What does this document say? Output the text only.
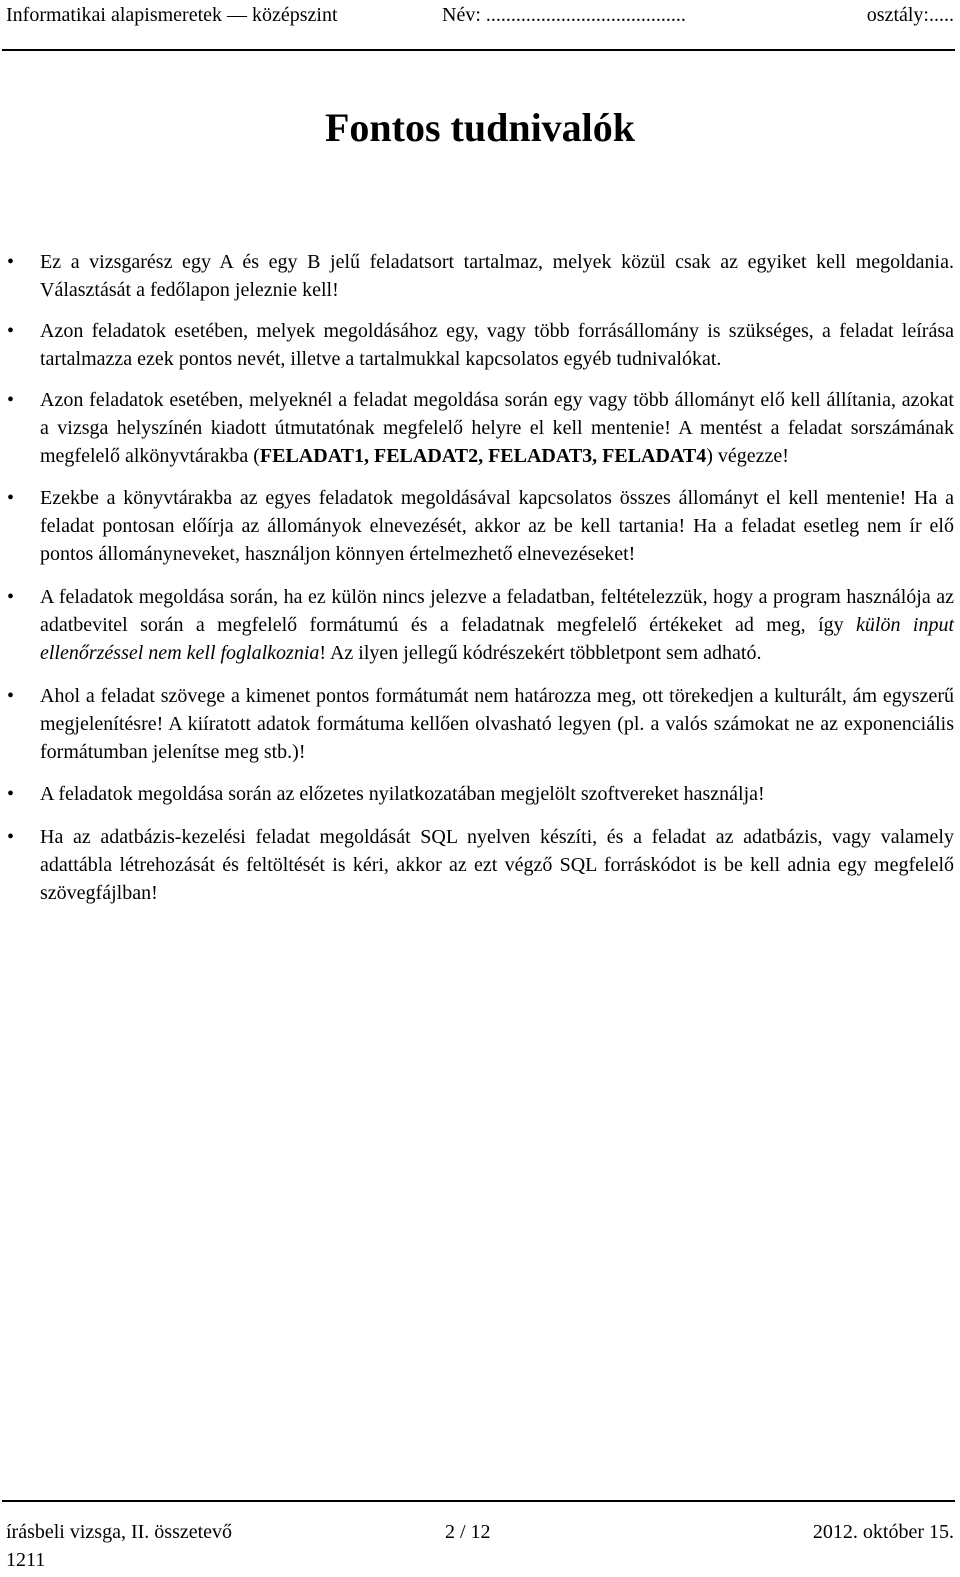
Informatikai alapismeretek — középszint	Név: ........................................	osztály:.....
Fontos tudnivalók
• Ez a vizsgarész egy A és egy B jelű feladatsort tartalmaz, melyek közül csak az egyiket kell megoldania. Választását a fedőlapon jeleznie kell!
• Azon feladatok esetében, melyek megoldásához egy, vagy több forrásállomány is szükséges, a feladat leírása tartalmazza ezek pontos nevét, illetve a tartalmukkal kapcsolatos egyéb tudnivalókat.
• Azon feladatok esetében, melyeknél a feladat megoldása során egy vagy több állományt elő kell állítania, azokat a vizsga helyszínén kiadott útmutatónak megfelelő helyre el kell mentenie! A mentést a feladat sorszámának megfelelő alkönyvtárakba (FELADAT1, FELADAT2, FELADAT3, FELADAT4) végezze!
• Ezekbe a könyvtárakba az egyes feladatok megoldásával kapcsolatos összes állományt el kell mentenie! Ha a feladat pontosan előírja az állományok elnevezését, akkor az be kell tartania! Ha a feladat esetleg nem ír elő pontos állományneveket, használjon könnyen értelmezhető elnevezéseket!
• A feladatok megoldása során, ha ez külön nincs jelezve a feladatban, feltételezzük, hogy a program használója az adatbevitel során a megfelelő formátumú és a feladatnak megfelelő értékeket ad meg, így külön input ellenőrzéssel nem kell foglalkoznia! Az ilyen jellegű kódrészekért többletpont sem adható.
• Ahol a feladat szövege a kimenet pontos formátumát nem határozza meg, ott törekedjen a kulturált, ám egyszerű megjelenítésre! A kiíratott adatok formátuma kellően olvasható legyen (pl. a valós számokat ne az exponenciális formátumban jelenítse meg stb.)!
• A feladatok megoldása során az előzetes nyilatkozatában megjelölt szoftvereket használja!
• Ha az adatbázis-kezelési feladat megoldását SQL nyelven készíti, és a feladat az adatbázis, vagy valamely adattábla létrehozását és feltöltését is kéri, akkor az ezt végző SQL forráskódot is be kell adnia egy megfelelő szövegfájlban!
írásbeli vizsga, II. összetevő	2 / 12	2012. október 15.
1211
